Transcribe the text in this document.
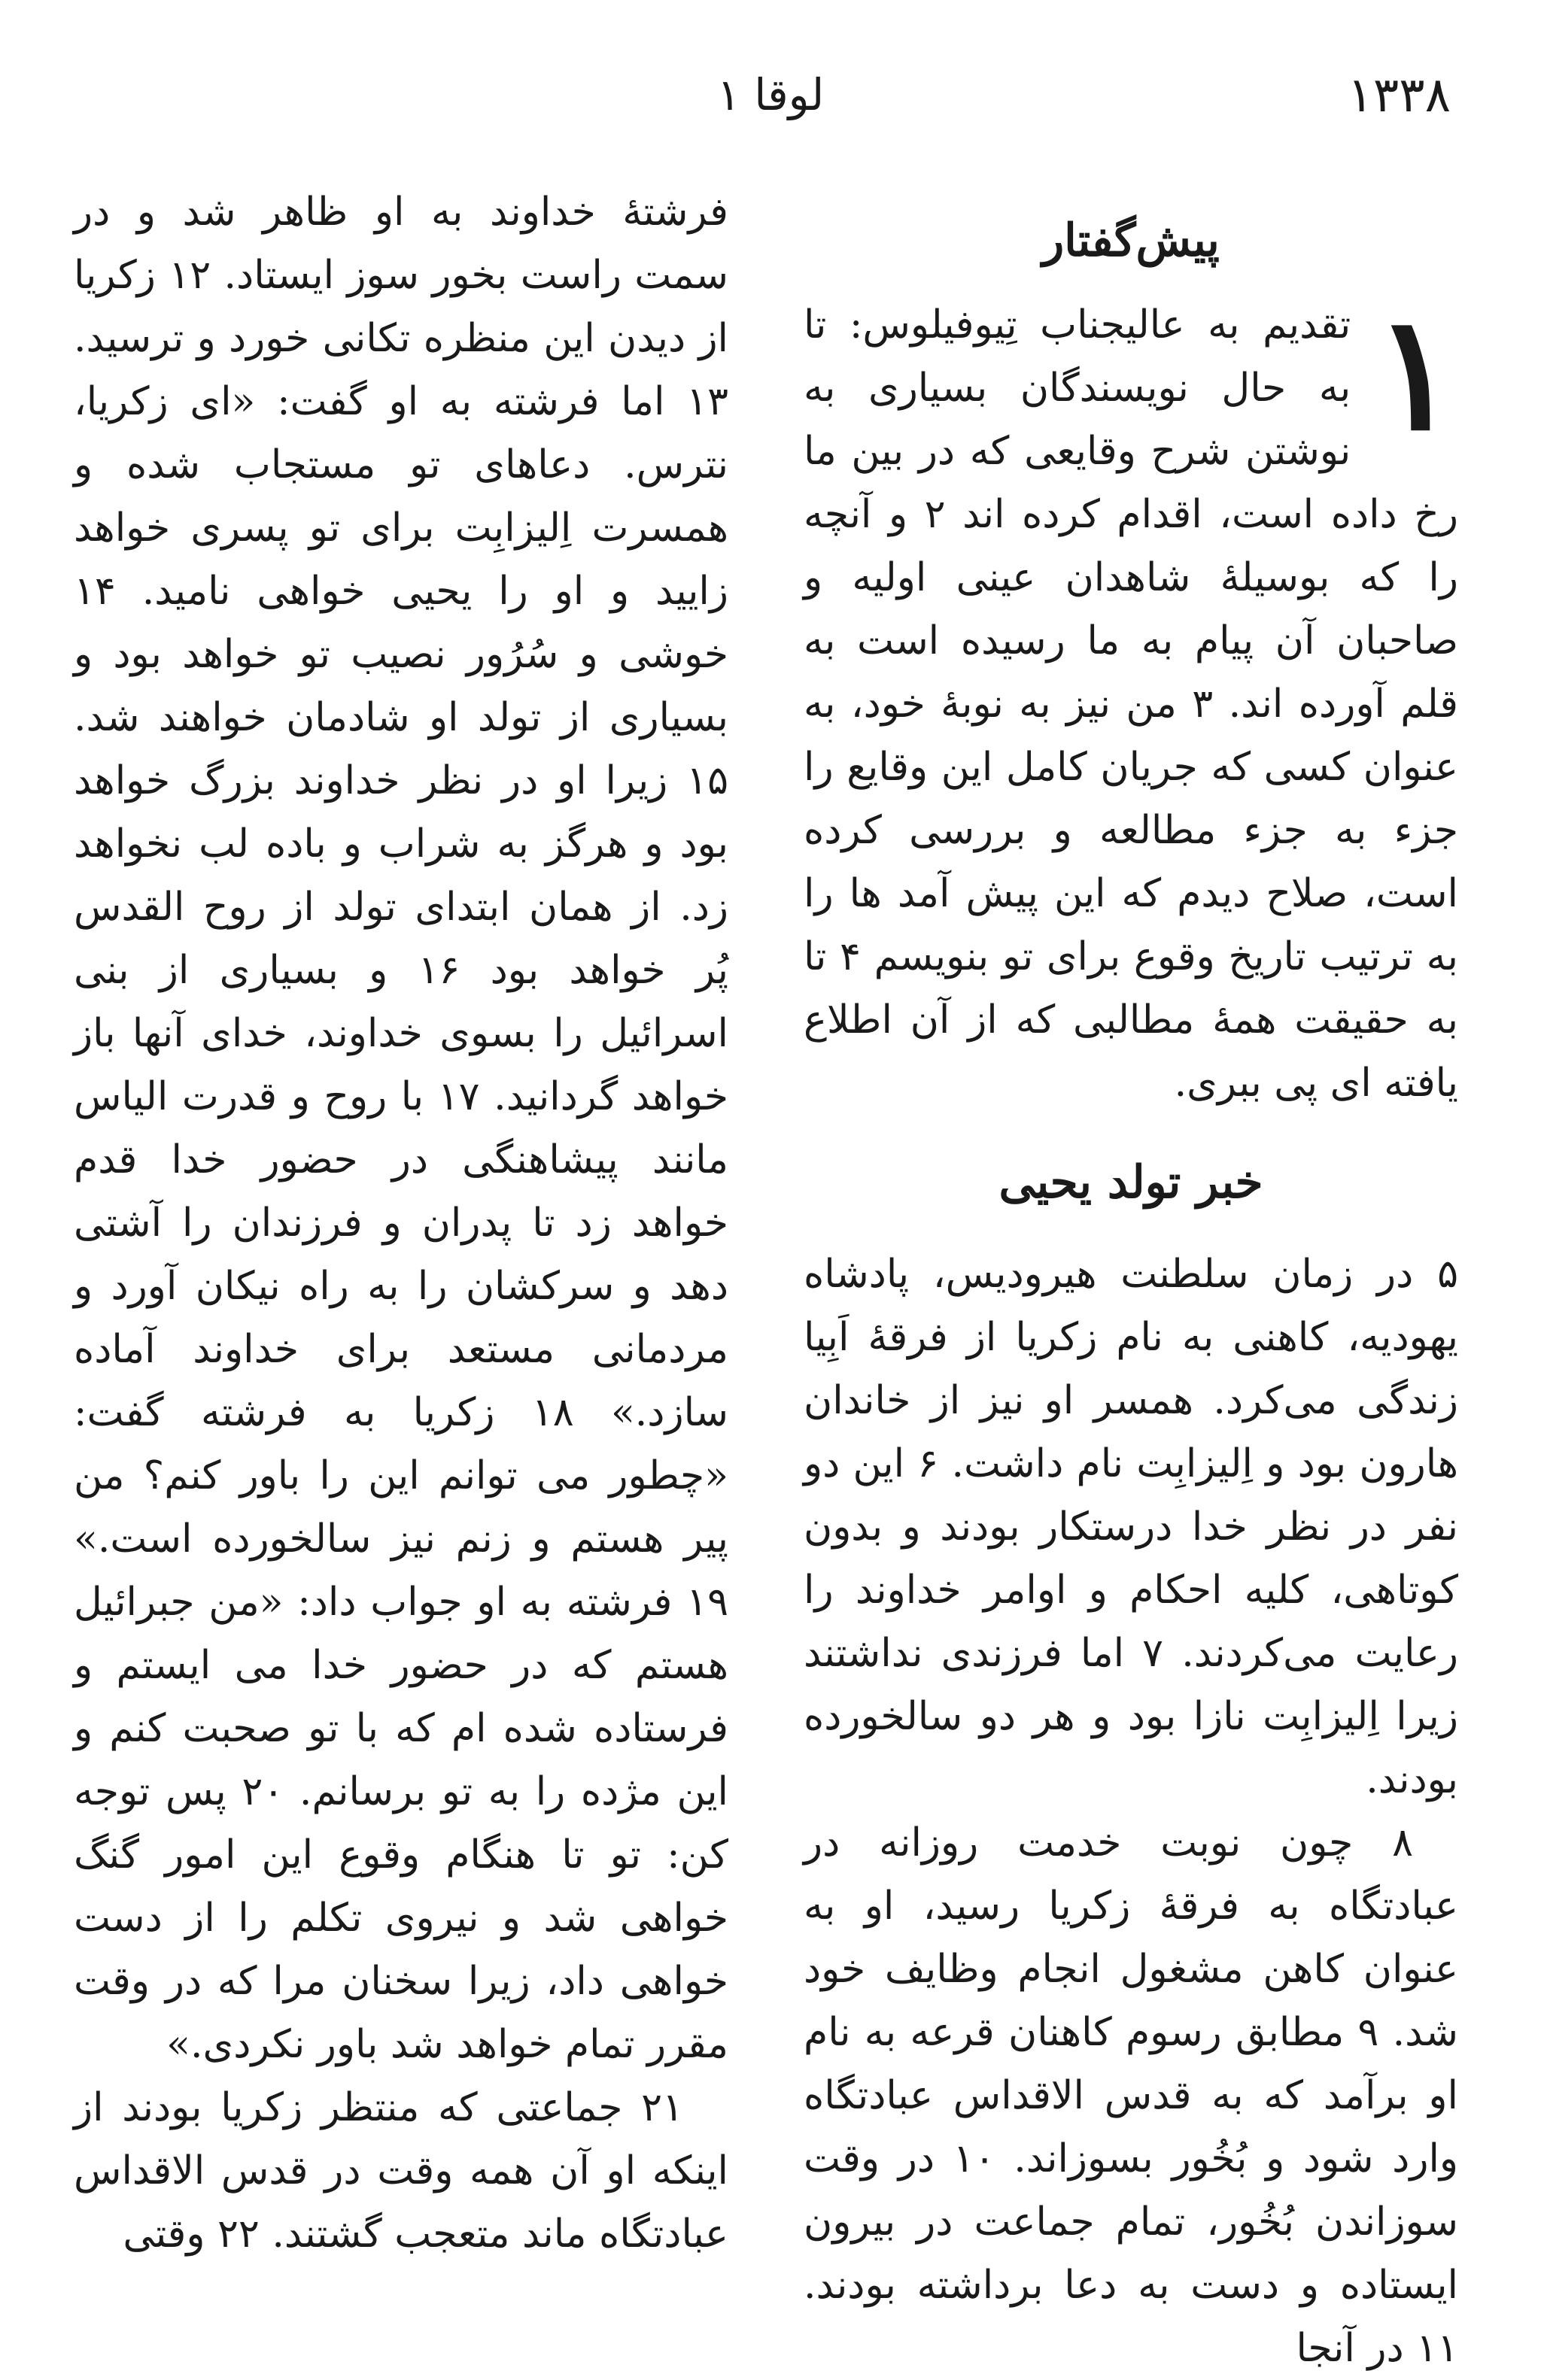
۱۳۳۸
لوقا ۱
پیش‌گفتار

۱
تقدیم به عالیجناب تِیوفیلوس: تا به حال نویسندگان بسیاری به نوشتن شرح وقایعی که در بین ما رخ داده است، اقدام کرده اند ۲ و آنچه را که بوسیلهٔ شاهدان عینی اولیه و صاحبان آن پیام به ما رسیده است به قلم آورده اند. ۳ من نیز به نوبهٔ خود، به عنوان کسی که جریان کامل این وقایع را جزء به جزء مطالعه و بررسی کرده است، صلاح دیدم که این پیش آمد ها را به ترتیب تاریخ وقوع برای تو بنویسم ۴ تا به حقیقت همهٔ مطالبی که از آن اطلاع یافته ای پی ببری.

خبر تولد یحیی

۵ در زمان سلطنت هیرودیس، پادشاه یهودیه، کاهنی به نام زکریا از فرقهٔ اَبِیا زندگی می‌کرد. همسر او نیز از خاندان هارون بود و اِلیزابِت نام داشت. ۶ این دو نفر در نظر خدا درستکار بودند و بدون کوتاهی، کلیه احکام و اوامر خداوند را رعایت می‌کردند. ۷ اما فرزندی نداشتند زیرا اِلیزابِت نازا بود و هر دو سالخورده بودند.

۸ چون نوبت خدمت روزانه در عبادتگاه به فرقهٔ زکریا رسید، او به عنوان کاهن مشغول انجام وظایف خود شد. ۹ مطابق رسوم کاهنان قرعه به نام او برآمد که به قدس الاقداس عبادتگاه وارد شود و بُخُور بسوزاند. ۱۰ در وقت سوزاندن بُخُور، تمام جماعت در بیرون ایستاده و دست به دعا برداشته بودند. ۱۱ در آنجا

فرشتهٔ خداوند به او ظاهر شد و در سمت راست بخور سوز ایستاد. ۱۲ زکریا از دیدن این منظره تکانی خورد و ترسید. ۱۳ اما فرشته به او گفت: «ای زکریا، نترس. دعاهای تو مستجاب شده و همسرت اِلیزابِت برای تو پسری خواهد زایید و او را یحیی خواهی نامید. ۱۴ خوشی و سُرُور نصیب تو خواهد بود و بسیاری از تولد او شادمان خواهند شد. ۱۵ زیرا او در نظر خداوند بزرگ خواهد بود و هرگز به شراب و باده لب نخواهد زد. از همان ابتدای تولد از روح القدس پُر خواهد بود ۱۶ و بسیاری از بنی اسرائیل را بسوی خداوند، خدای آنها باز خواهد گردانید. ۱۷ با روح و قدرت الیاس مانند پیشاهنگی در حضور خدا قدم خواهد زد تا پدران و فرزندان را آشتی دهد و سرکشان را به راه نیکان آورد و مردمانی مستعد برای خداوند آماده سازد.» ۱۸ زکریا به فرشته گفت: «چطور می توانم این را باور کنم؟ من پیر هستم و زنم نیز سالخورده است.» ۱۹ فرشته به او جواب داد: «من جبرائیل هستم که در حضور خدا می ایستم و فرستاده شده ام که با تو صحبت کنم و این مژده را به تو برسانم. ۲۰ پس توجه کن: تو تا هنگام وقوع این امور گنگ خواهی شد و نیروی تکلم را از دست خواهی داد، زیرا سخنان مرا که در وقت مقرر تمام خواهد شد باور نکردی.»

۲۱ جماعتی که منتظر زکریا بودند از اینکه او آن همه وقت در قدس الاقداس عبادتگاه ماند متعجب گشتند. ۲۲ وقتی
